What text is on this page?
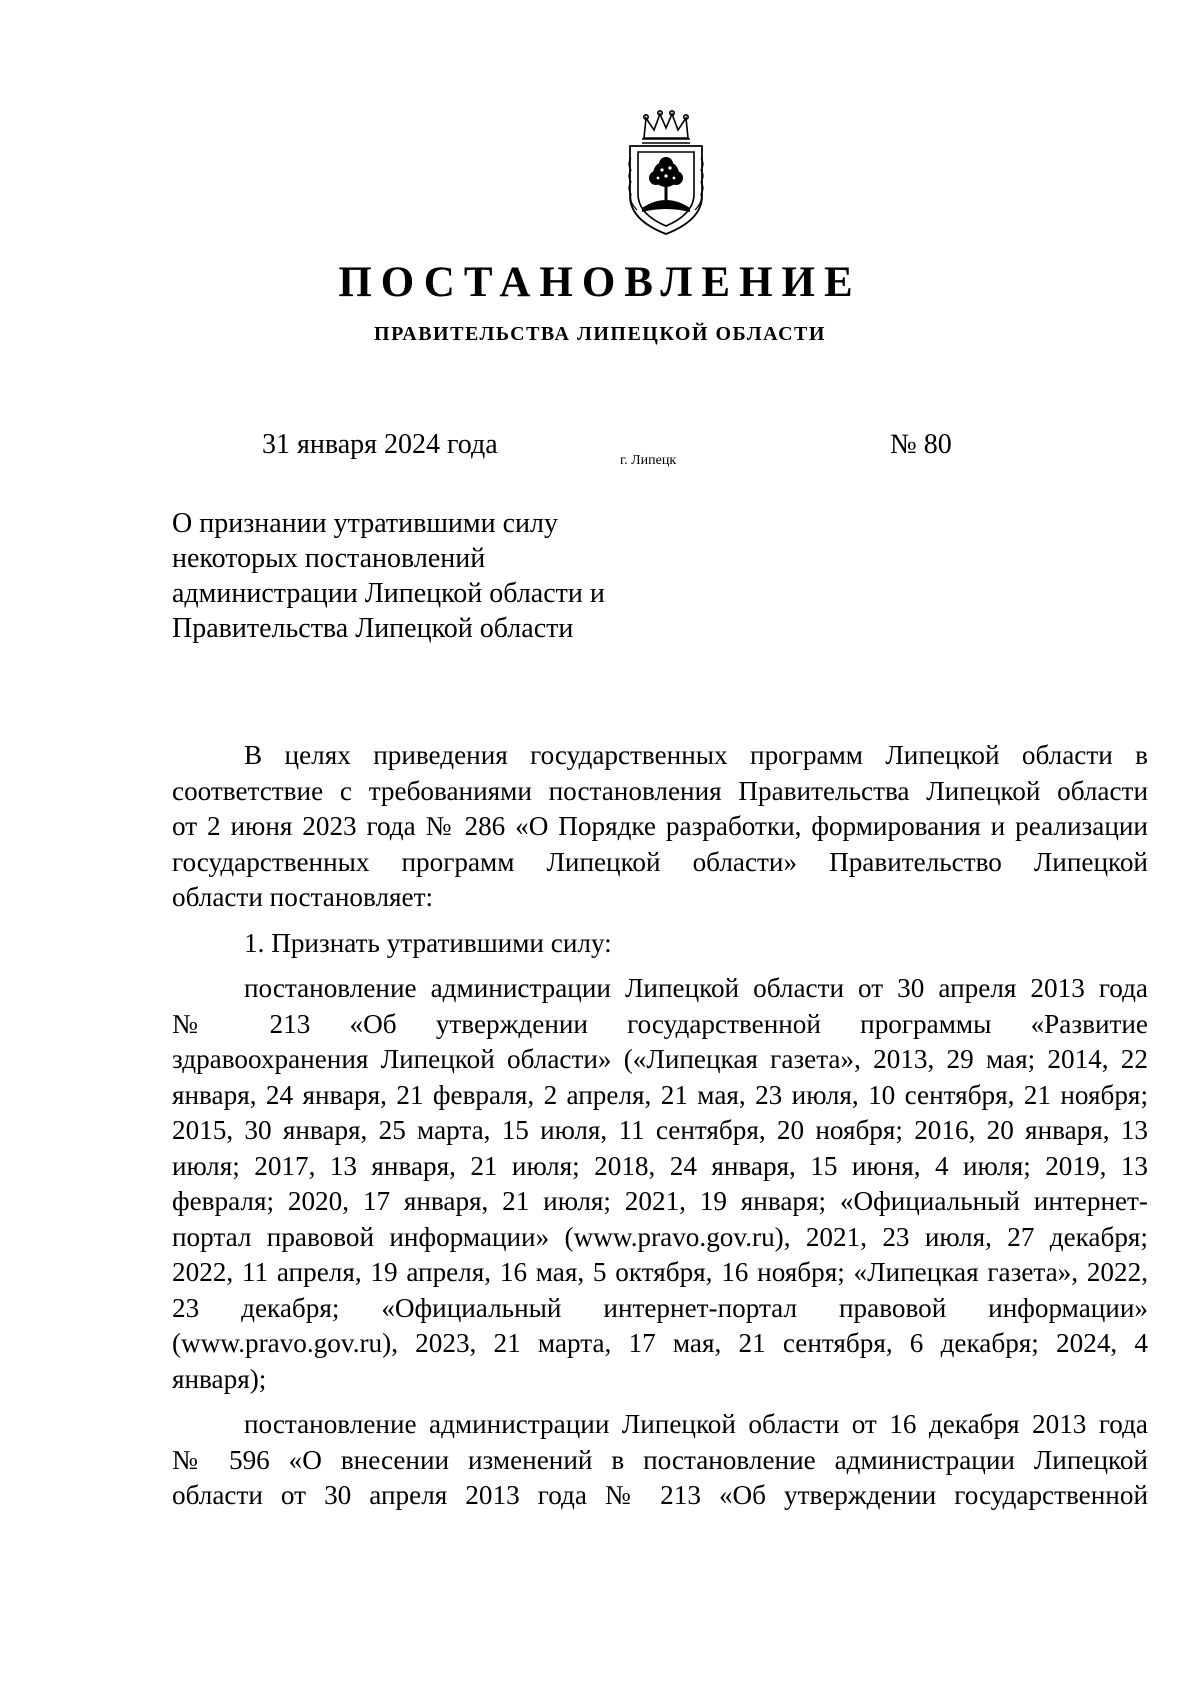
ПОСТАНОВЛЕНИЕ
ПРАВИТЕЛЬСТВА ЛИПЕЦКОЙ ОБЛАСТИ
31 января 2024 года
г. Липецк
№ 80
О признании утратившими силу
некоторых постановлений
администрации Липецкой области и
Правительства Липецкой области
В целях приведения государственных программ Липецкой области в
соответствие с требованиями постановления Правительства Липецкой области
от 2 июня 2023 года № 286 «О Порядке разработки, формирования и реализации
государственных программ Липецкой области» Правительство Липецкой
области постановляет:
1. Признать утратившими силу:
постановление администрации Липецкой области от 30 апреля 2013 года
№ 213 «Об утверждении государственной программы «Развитие
здравоохранения Липецкой области» («Липецкая газета», 2013, 29 мая; 2014, 22
января, 24 января, 21 февраля, 2 апреля, 21 мая, 23 июля, 10 сентября, 21 ноября;
2015, 30 января, 25 марта, 15 июля, 11 сентября, 20 ноября; 2016, 20 января, 13
июля; 2017, 13 января, 21 июля; 2018, 24 января, 15 июня, 4 июля; 2019, 13
февраля; 2020, 17 января, 21 июля; 2021, 19 января; «Официальный интернет-
портал правовой информации» (www.pravo.gov.ru), 2021, 23 июля, 27 декабря;
2022, 11 апреля, 19 апреля, 16 мая, 5 октября, 16 ноября; «Липецкая газета», 2022,
23 декабря; «Официальный интернет-портал правовой информации»
(www.pravo.gov.ru), 2023, 21 марта, 17 мая, 21 сентября, 6 декабря; 2024, 4
января);
постановление администрации Липецкой области от 16 декабря 2013 года
№ 596 «О внесении изменений в постановление администрации Липецкой
области от 30 апреля 2013 года № 213 «Об утверждении государственной
